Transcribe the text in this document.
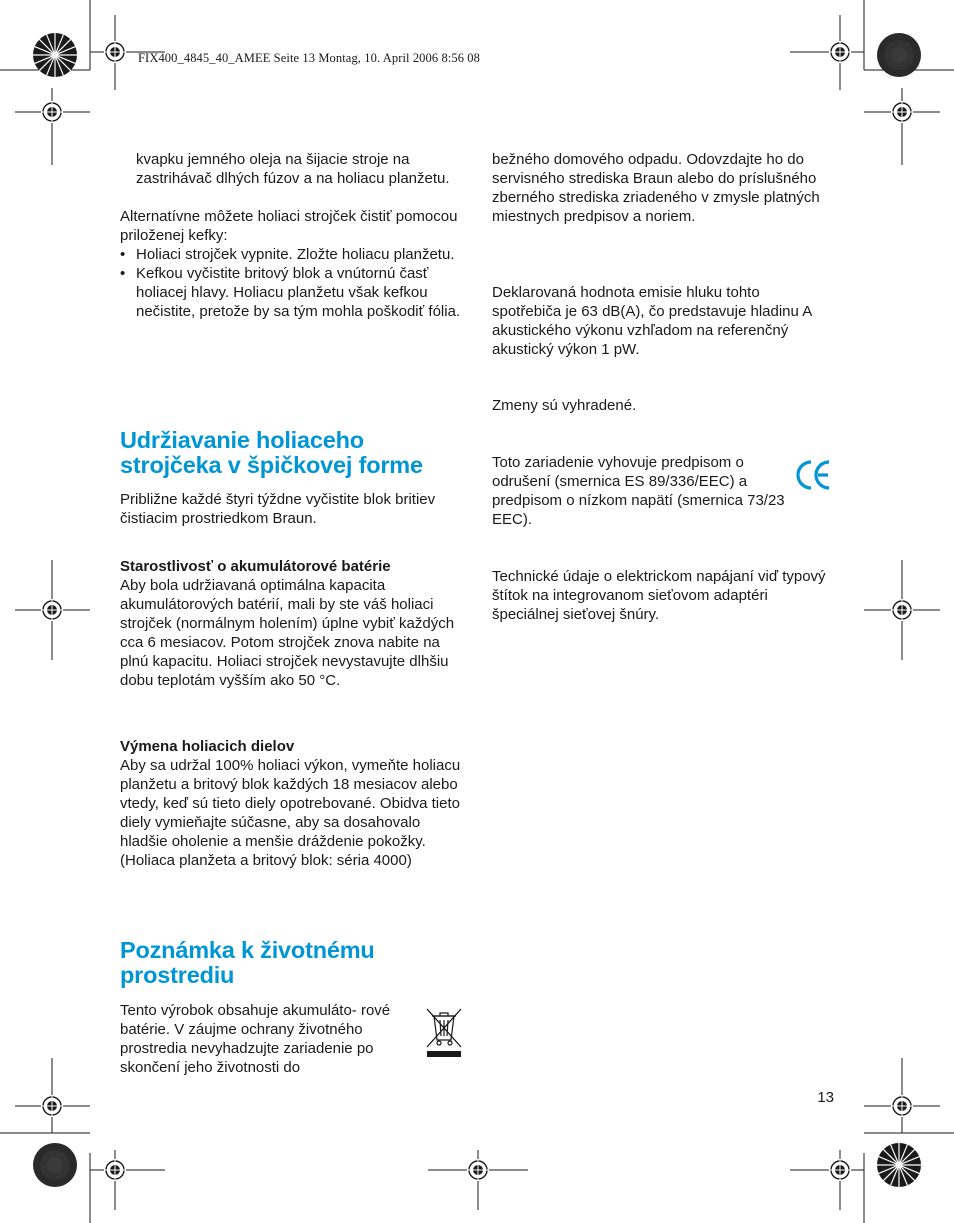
FIX400_4845_40_AMEE Seite 13 Montag, 10. April 2006 8:56 08

kvapku jemného oleja na šijacie stroje na zastrihávač dlhých fúzov a na holiacu planžetu.

Alternatívne môžete holiaci strojček čistiť pomocou priloženej kefky:

• Holiaci strojček vypnite. Zložte holiacu planžetu.

• Kefkou vyčistite britový blok a vnútornú časť holiacej hlavy. Holiacu planžetu však kefkou nečistite, pretože by sa tým mohla poškodiť fólia.

Udržiavanie holiaceho strojčeka v špičkovej forme

Približne každé štyri týždne vyčistite blok britiev čistiacim prostriedkom Braun.

Starostlivosť o akumulátorové batérie

Aby bola udržiavaná optimálna kapacita akumulátorových batérií, mali by ste váš holiaci strojček (normálnym holením) úplne vybiť každých cca 6 mesiacov. Potom strojček znova nabite na plnú kapacitu. Holiaci strojček nevystavujte dlhšiu dobu teplotám vyšším ako 50 °C.

Výmena holiacich dielov

Aby sa udržal 100% holiaci výkon, vymeňte holiacu planžetu a britový blok každých 18 mesiacov alebo vtedy, keď sú tieto diely opotrebované. Obidva tieto diely vymieňajte súčasne, aby sa dosahovalo hladšie oholenie a menšie dráždenie pokožky.

(Holiaca planžeta a britový blok: séria 4000)

Poznámka k životnému prostrediu

Tento výrobok obsahuje akumuláto- rové batérie. V záujme ochrany životného prostredia nevyhadzujte zariadenie po skončení jeho životnosti do

bežného domového odpadu. Odovzdajte ho do servisného strediska Braun alebo do príslušného zberného strediska zriadeného v zmysle platných miestnych predpisov a noriem.

Deklarovaná hodnota emisie hluku tohto spotřebiča je 63 dB(A), čo predstavuje hladinu A akustického výkonu vzhľadom na referenčný akustický výkon 1 pW.

Zmeny sú vyhradené.

Toto zariadenie vyhovuje predpisom o odrušení (smernica ES 89/336/EEC) a predpisom o nízkom napätí (smernica 73/23 EEC).

Technické údaje o elektrickom napájaní viď typový štítok na integrovanom sieťovom adaptéri špeciálnej sieťovej šnúry.

13
